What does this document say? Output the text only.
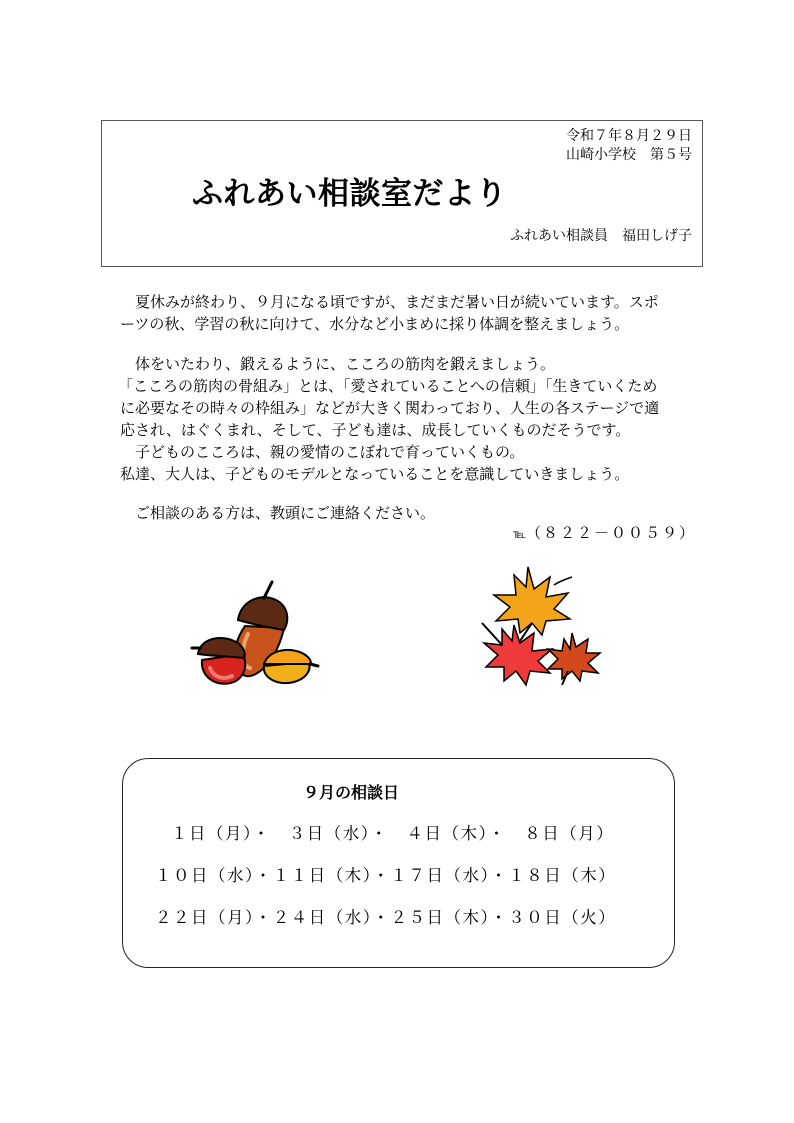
令和７年８月２９日
山崎小学校　第５号
ふれあい相談室だより
ふれあい相談員　福田しげ子
　夏休みが終わり、９月になる頃ですが、まだまだ暑い日が続いています。スポ
ーツの秋、学習の秋に向けて、水分など小まめに採り体調を整えましょう。
　体をいたわり、鍛えるように、こころの筋肉を鍛えましょう。
「こころの筋肉の骨組み」とは、「愛されていることへの信頼」「生きていくため
に必要なその時々の枠組み」などが大きく関わっており、人生の各ステージで適
応され、はぐくまれ、そして、子ども達は、成長していくものだそうです。
　子どものこころは、親の愛情のこぼれで育っていくもの。
私達、大人は、子どものモデルとなっていることを意識していきましょう。
　ご相談のある方は、教頭にご連絡ください。
℡（８２２－００５９）
９月の相談日
１日（月）・　３日（水）・　４日（木）・　８日（月）
１０日（水）・１１日（木）・１７日（水）・１８日（木）
２２日（月）・２４日（水）・２５日（木）・３０日（火）
